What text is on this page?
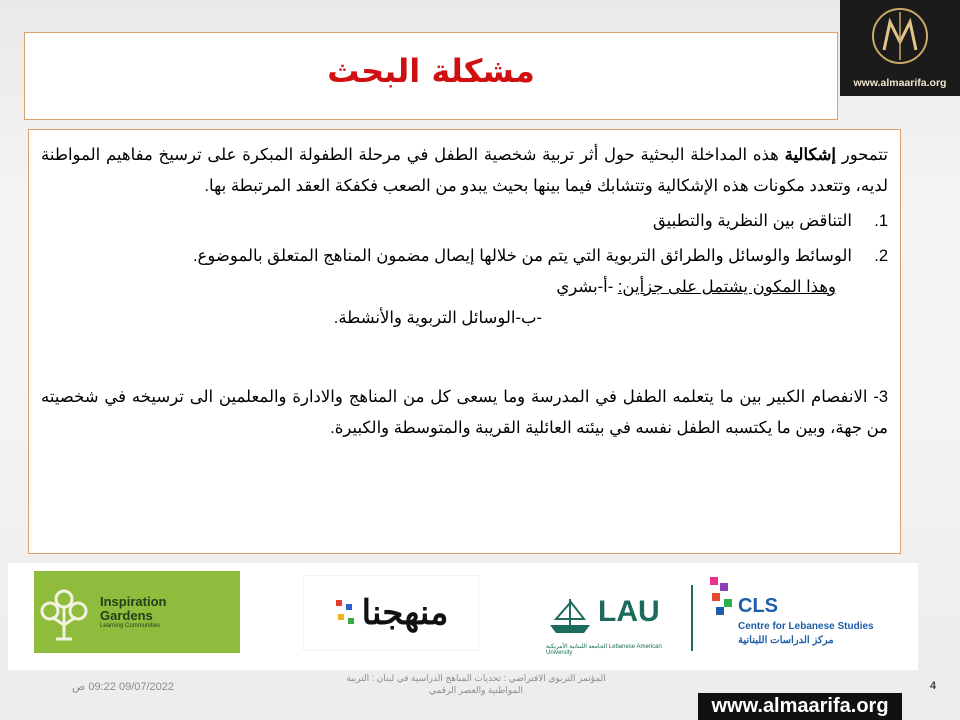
مشكلة البحث	www.almaarifa.org

تتمحور إشكالية هذه المداخلة البحثية حول أثر تربية شخصية الطفل في مرحلة الطفولة المبكرة على ترسيخ مفاهيم المواطنة لديه، وتتعدد مكونات هذه الإشكالية وتتشابك فيما بينها بحيث يبدو من الصعب فكفكة العقد المرتبطة بها.

1.
التناقض بين النظرية والتطبيق
2.
الوسائط والوسائل والطرائق التربوية التي يتم من خلالها إيصال مضمون المناهج المتعلق بالموضوع.

وهذا المكون يشتمل على جزأين: -أ-بشري

-ب-الوسائل التربوية والأنشطة.

3- الانفصام الكبير بين ما يتعلمه الطفل في المدرسة وما يسعى كل من المناهج والادارة والمعلمين الى ترسيخه في شخصيته من جهة، وبين ما يكتسبه الطفل نفسه في بيئته العائلية القريبة والمتوسطة والكبيرة.

Inspiration
Gardens
Learning Communities	منهجنا	LAU
الجامعة اللبنانية الأمريكية Lebanese American University
CLS
Centre for Lebanese Studies
مركز الدراسات اللبنانية
09/07/2022 09:22 ص
المؤتمر التربوي الافتراضي : تحديات المناهج الدراسية في لبنان : التربية المواطنية والعصر الرقمي	4
www.almaarifa.org
